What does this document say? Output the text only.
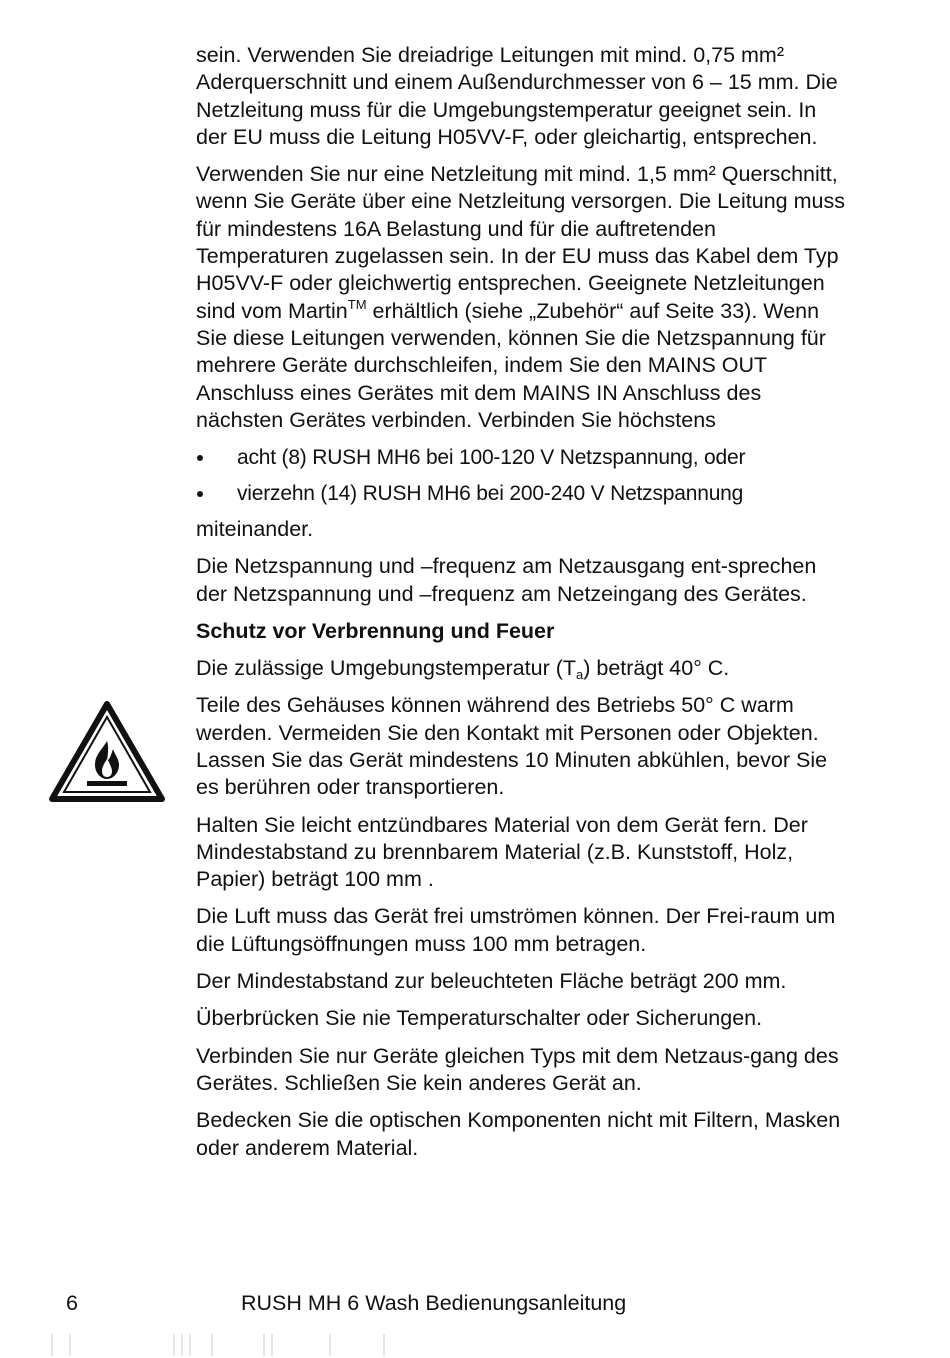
sein. Verwenden Sie dreiadrige Leitungen mit mind. 0,75 mm² Aderquerschnitt und einem Außendurchmesser von 6 – 15 mm. Die Netzleitung muss für die Umgebungstemperatur geeignet sein. In der EU muss die Leitung H05VV-F, oder gleichartig, entsprechen.

Verwenden Sie nur eine Netzleitung mit mind. 1,5 mm² Querschnitt, wenn Sie Geräte über eine Netzleitung versorgen. Die Leitung muss für mindestens 16A Belastung und für die auftretenden Temperaturen zugelassen sein. In der EU muss das Kabel dem Typ H05VV-F oder gleichwertig entsprechen. Geeignete Netzleitungen sind vom Martin™ erhältlich (siehe „Zubehör“ auf Seite 33). Wenn Sie diese Leitungen verwenden, können Sie die Netzspannung für mehrere Geräte durchschleifen, indem Sie den MAINS OUT Anschluss eines Gerätes mit dem MAINS IN Anschluss des nächsten Gerätes verbinden. Verbinden Sie höchstens

acht (8) RUSH MH6 bei 100-120 V Netzspannung, oder
vierzehn (14) RUSH MH6 bei 200-240 V Netzspannung

miteinander.

Die Netzspannung und –frequenz am Netzausgang ent-sprechen der Netzspannung und –frequenz am Netzeingang des Gerätes.

Schutz vor Verbrennung und Feuer

Die zulässige Umgebungstemperatur $(T_a)$ beträgt 40° C.

Teile des Gehäuses können während des Betriebs 50° C warm werden. Vermeiden Sie den Kontakt mit Personen oder Objekten. Lassen Sie das Gerät mindestens 10 Minuten abkühlen, bevor Sie es berühren oder transportieren.

Halten Sie leicht entzündbares Material von dem Gerät fern. Der Mindestabstand zu brennbarem Material (z.B. Kunststoff, Holz, Papier) beträgt 100 mm .

Die Luft muss das Gerät frei umströmen können. Der Frei-raum um die Lüftungsöffnungen muss 100 mm betragen.

Der Mindestabstand zur beleuchteten Fläche beträgt 200 mm.

Überbrücken Sie nie Temperaturschalter oder Sicherungen.

Verbinden Sie nur Geräte gleichen Typs mit dem Netzaus-gang des Gerätes. Schließen Sie kein anderes Gerät an.

Bedecken Sie die optischen Komponenten nicht mit Filtern, Masken oder anderem Material.

6	RUSH MH 6 Wash Bedienungsanleitung
